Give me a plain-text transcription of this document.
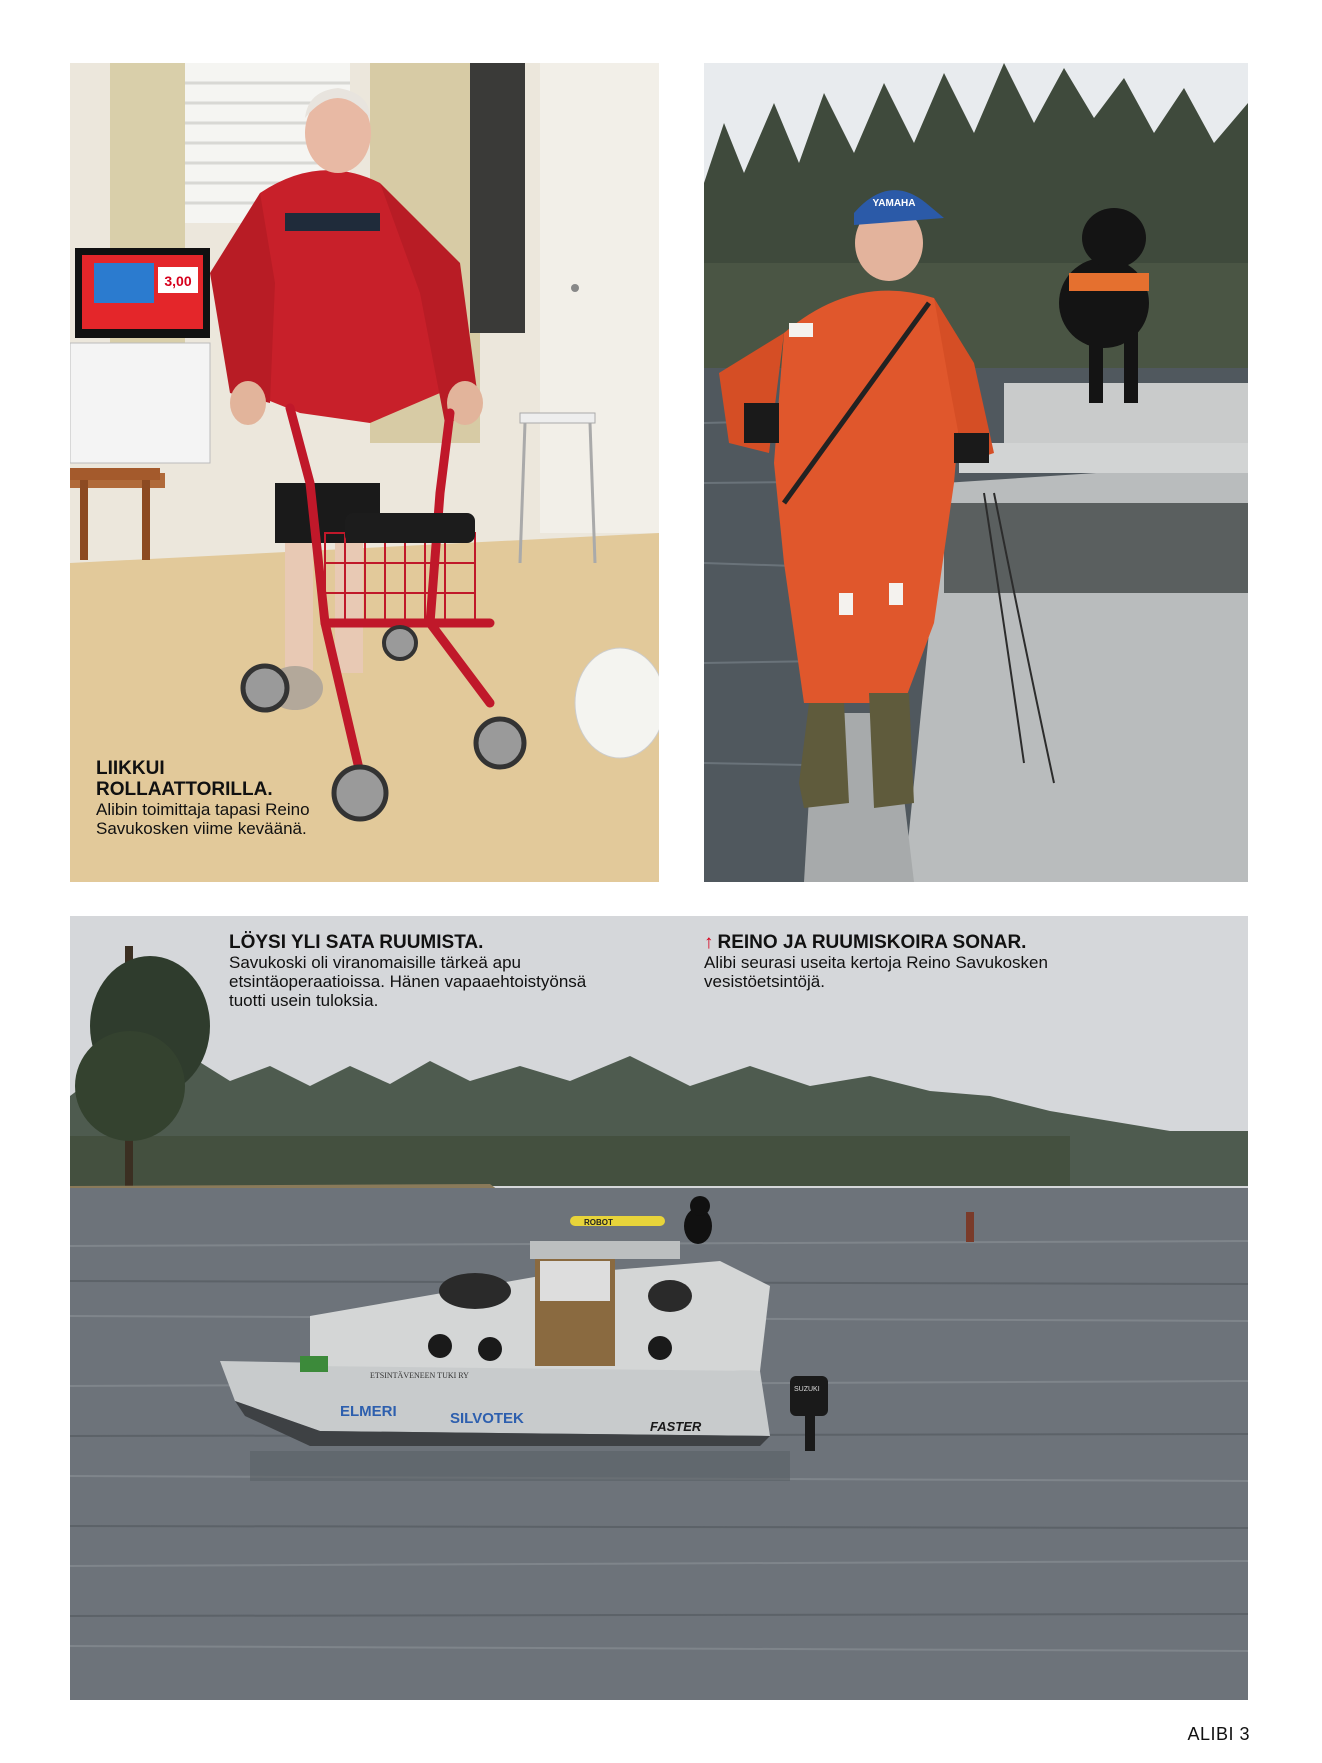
3,00
LIIKKUI ROLLAATTORILLA.
Alibin toimittaja tapasi Reino Savukosken viime keväänä.
YAMAHA
ROBOT
ELMERI	SILVOTEK	FASTER
ETSINTÄVENEEN TUKI RY
SUZUKI
LÖYSI YLI SATA RUUMISTA.
Savukoski oli viranomaisille tärkeä apu etsintäoperaatioissa. Hänen vapaaehtoistyönsä tuotti usein tuloksia.
↑ REINO JA RUUMISKOIRA SONAR.
Alibi seurasi useita kertoja Reino Savukosken vesistöetsintöjä.
ALIBI 3
